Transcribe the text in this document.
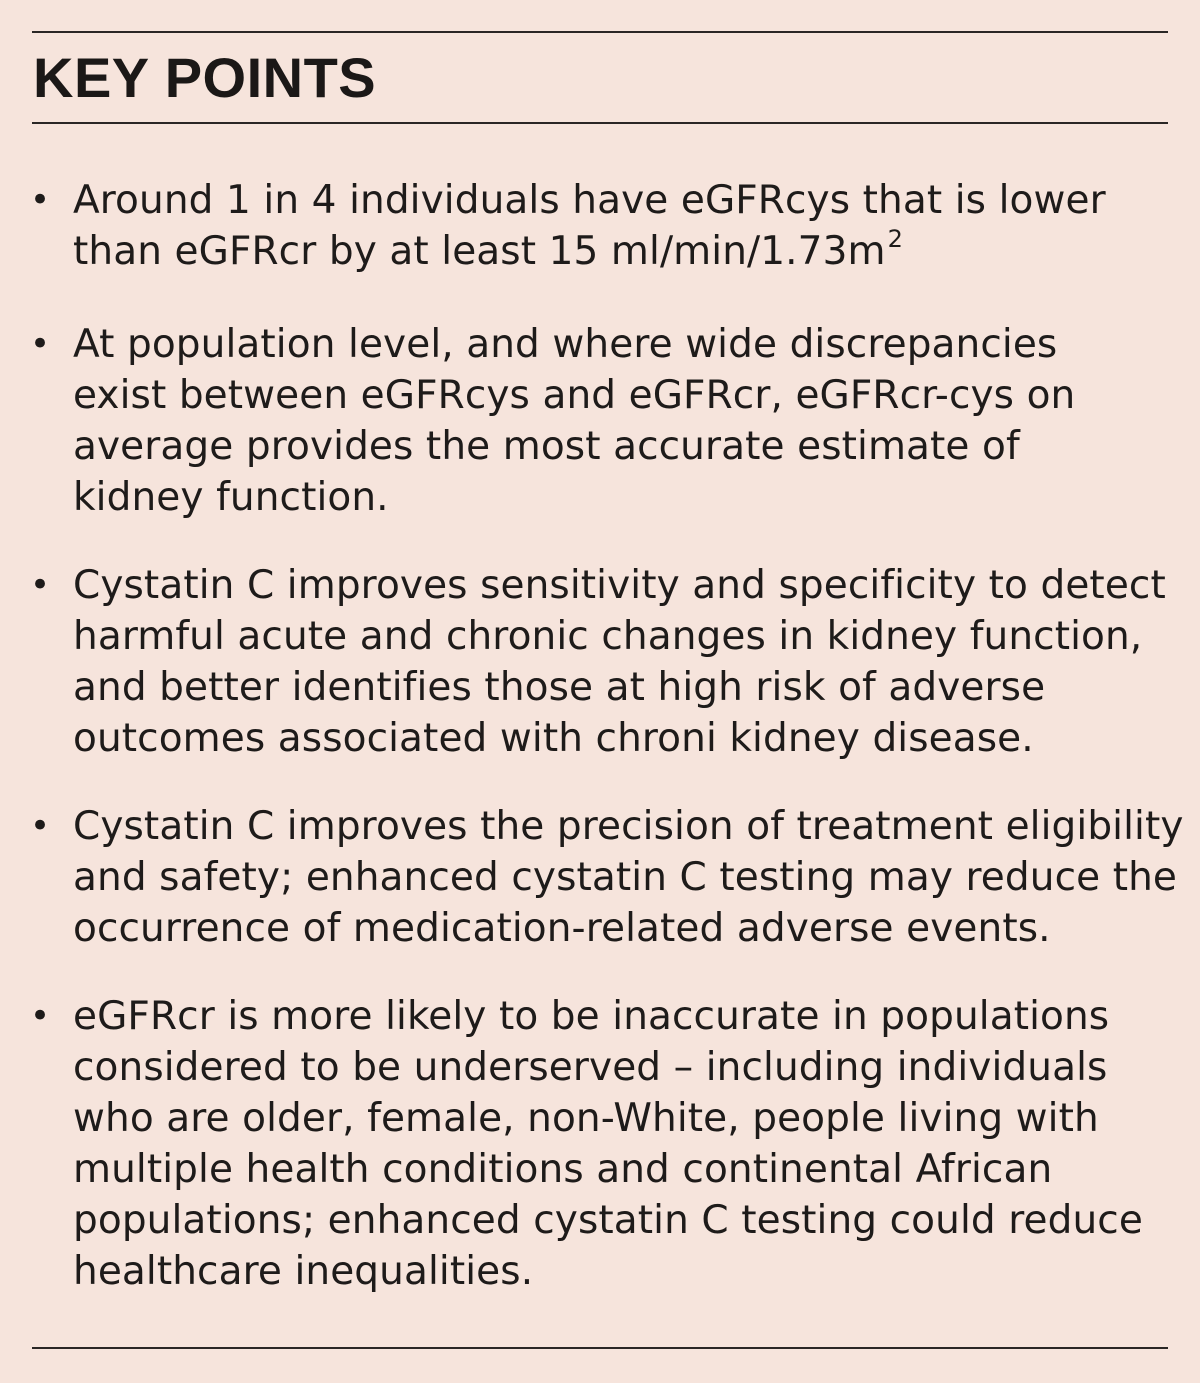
KEY POINTS
• Around 1 in 4 individuals have eGFRcys that is lower
than eGFRcr by at least 15 $ml/\min/1.73m^2$
• At population level, and where wide discrepancies
exist between eGFRcys and eGFRcr, eGFRcr-cys on
average provides the most accurate estimate of
kidney function.
• Cystatin C improves sensitivity and specificity to detect
harmful acute and chronic changes in kidney function,
and better identifies those at high risk of adverse
outcomes associated with chroni kidney disease.
• Cystatin C improves the precision of treatment eligibility
and safety; enhanced cystatin C testing may reduce the
occurrence of medication-related adverse events.
• eGFRcr is more likely to be inaccurate in populations
considered to be underserved – including individuals
who are older, female, non-White, people living with
multiple health conditions and continental African
populations; enhanced cystatin C testing could reduce
healthcare inequalities.
